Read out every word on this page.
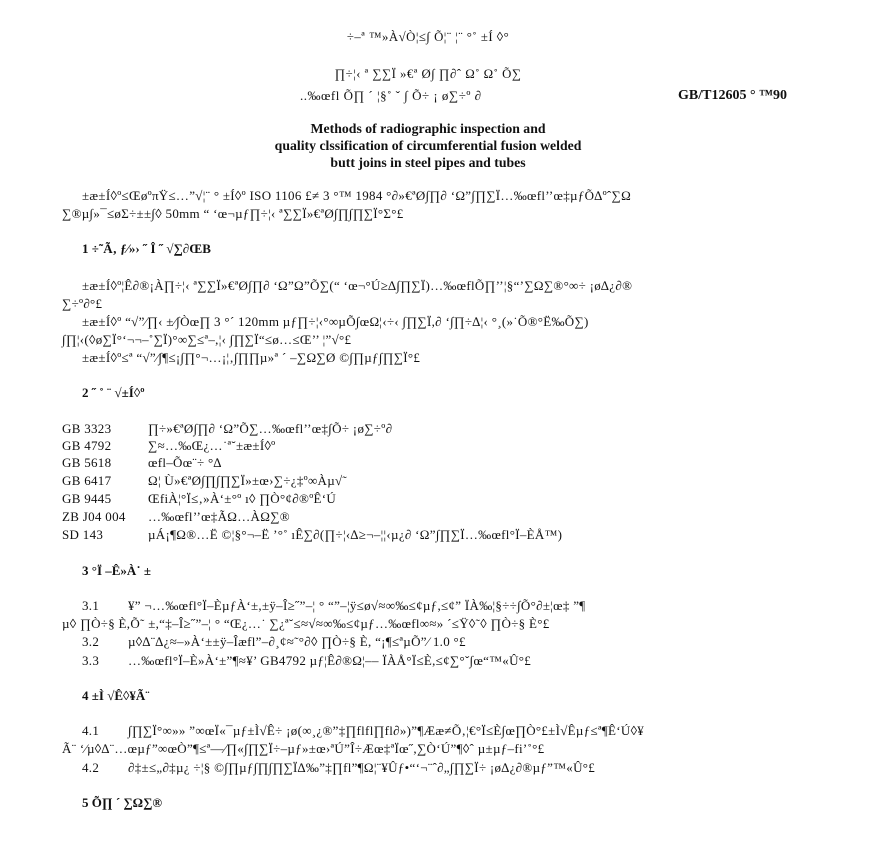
÷–ª ™»À√Ò¦≤∫ Õ¦¨ ¦¨ °˚ ±Í ◊°
∏÷¦‹ ª ∑∑Ï »€ª Ø∫ ∏∂ˆ Ω˚ Ω˚ Õ∑
..‰œfl Õ∏ ´ ¦§˚ ˇ ∫ Õ÷ ¡ ø∑÷º ∂	GB/T12605 ° ™90
Methods of radiographic inspection and
quality clssification of circumferential fusion welded
butt joins in steel pipes and tubes
±æ±Í◊º≤ŒøºπŸ≤…”√¦¨ ° ±Í◊º ISO 1106 £≠ 3 °™ 1984 °∂»€ªØ∫∏∂ ‘Ω”∫∏∑Ï…‰œfl’’œ‡µƒÕ∆ºˆ∑Ω
∑®µ∫»¯≤øΣ÷±±∫◊ 50mm “ ‘œ¬µƒ∏÷¦‹ ª∑∑Ï»€ªØ∫∏∫∏∑Ï°Σ°£
1 ÷˜Ã‚ ƒ⁄»› ˝ Î ˝ √∑∂ŒB
±æ±Í◊º¦Ê∂®¡À∏÷¦‹ ª∑∑Ï»€ªØ∫∏∂ ‘Ω”Ω”Õ∑(“ ‘œ¬°Ú≥∆∫∏∑Ï)…‰œflÕ∏’’¦§“’∑Ω∑®°∞÷ ¡ø∆¿∂®
∑÷º∂°£
±æ±Í◊º “√”⁄∏‹ ±⁄∫Òœ∏ 3 °´ 120mm µƒ∏÷¦‹°∞µÕ∫œΩ¦‹÷‹ ∫∏∑Ï,∂ ‘∫∏÷∆¦‹ °¸(»˙Õ®°Ë‰Õ∑)
∫∏¦‹(◊ø∑Ï°‘¬¬–˚∑Ï)°∞∑≤ª–,¦‹ ∫∏∑Ï“≤ø…≤Œ’’ ¦”√°£
±æ±Í◊º≤ª “√”⁄∫¶≤¡∫∏°¬…¡¦‚∫∏∏µ»ª ´ –∑Ω∑Ø ©∫∏µƒ∫∏∑Ï°£
2 ˝ ˚ ¨ √±Í◊º
GB 3323	∏÷»€ªØ∫∏∂ ‘Ω”Õ∑…‰œfl’’œ‡∫Õ÷ ¡ø∑÷º∂
GB 4792	∑≈…‰Œ¿…˙ª˘±æ±Í◊º
GB 5618	œfl–Õœ¨÷ °∆
GB 6417	Ω¦ Ù»€ªØ∫∏∫∏∑Ï»±œ›∑÷¿‡º∞Àµ√˜
GB 9445	ŒfiÀ¦°Ï≤‚»À‘±°º ı◊ ∏Ò°¢∂®ºÊ‘Ú
ZB J04 004 …‰œfl’’œ‡ÃΩ…ÀΩ∑®
SD 143	µÁ¡¶Ω®…Ë ©¦§°¬–Ë ’°˚ ıÊ∑∂(∏÷¦‹∆≥¬–¦¦‹µ¿∂ ‘Ω”∫∏∑Ï…‰œfl°Ï–ÈÅ™)
3 °Ï –Ê»À˙ ±
3.1 ¥” ¬…‰œfl°Ï–ÈµƒÀ‘±,±ÿ–Î≥˝”–¦ ° “”–¦ÿ≤ø√≈∞‰≤¢µƒ,≤¢” ÏÀ‰¦§÷÷∫Õ°∂±¦œ‡ ”¶
µ◊ ∏Ò÷§ È,Õ˜ ±,“‡–Î≥˝”–¦ ° “Œ¿…˙ ∑¿ª˘≤≈√≈∞‰≤¢µƒ…‰œfl∞≈» ´≤Ÿ◊˜◊ ∏Ò÷§ È°£
3.2 µ◊∆¨∆¿≈–»À‘±±ÿ–Îæfl”–∂¸¢≈˜°∂◊ ∏Ò÷§ È, “¡¶≤ªµÕ”⁄ 1.0 °£
3.3 …‰œfl°Ï–È»À‘±”¶≈¥’ GB4792 µƒ¦Ê∂®Ω¦–– ÏÀÅ°Ï≤È,≤¢∑°ˇ∫œ“™«Û°£
4 ±Ì √Ê◊¥Ã¨
4.1 ∫∏∑Ï°∞»» ”∞œÏ«¯µƒ±Ì√Ê÷ ¡ø(∞¸¿®”‡∏flfl∏fl∂»)”¶Ææ≠Õ‚¦€°Ï≤È∫œ∏Ò°£±Ì√Êµƒ≤ª¶Ê‘Ú◊¥
Ã¨ ‘⁄µ◊∆¨…œµƒ”∞œÒ”¶≤ª—⁄∏«∫∏∑Ï÷–µƒ»±œ›ªÚ”Î÷Æœ‡ªÏœ˝,∑Ò‘Ú”¶◊ˆ µ±µƒ–fi’˚°£
4.2 ∂‡±≤„∂‡µ¿ ÷¦§ ©∫∏µƒ∫∏∫∏∑Ï∆‰”‡∏fl”¶Ω¦¨¥Ûƒ•“‘¬¨ˆ∂„∫∏∑Ï÷ ¡ø∆¿∂®µƒ”™«Û°£
5 Õ∏ ´ ∑Ω∑®
